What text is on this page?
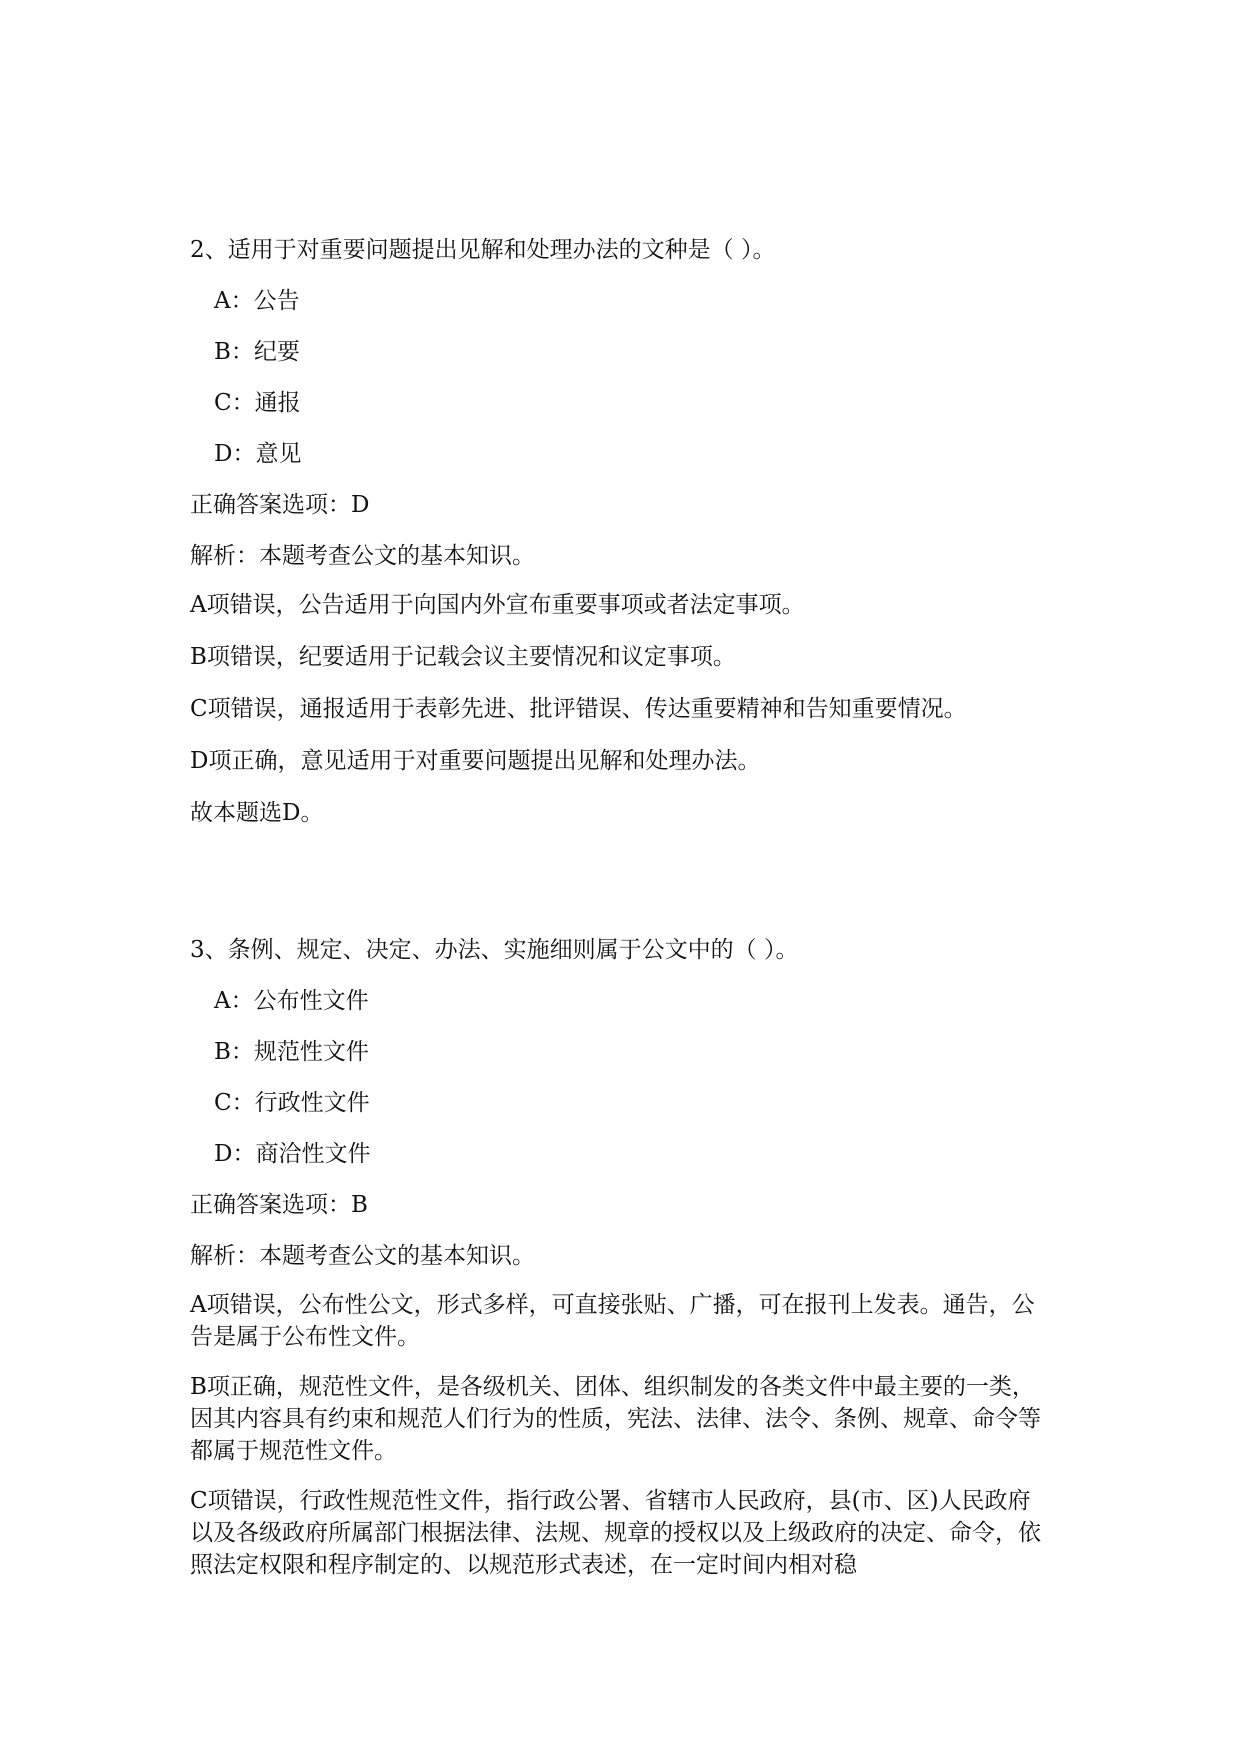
2、适用于对重要问题提出见解和处理办法的文种是（ ）。
A：公告
B：纪要
C：通报
D：意见
正确答案选项：D
解析：本题考查公文的基本知识。
A项错误，公告适用于向国内外宣布重要事项或者法定事项。
B项错误，纪要适用于记载会议主要情况和议定事项。
C项错误，通报适用于表彰先进、批评错误、传达重要精神和告知重要情况。
D项正确，意见适用于对重要问题提出见解和处理办法。
故本题选D。
3、条例、规定、决定、办法、实施细则属于公文中的（ ）。
A：公布性文件
B：规范性文件
C：行政性文件
D：商洽性文件
正确答案选项：B
解析：本题考查公文的基本知识。
A项错误，公布性公文，形式多样，可直接张贴、广播，可在报刊上发表。通告，公告是属于公布性文件。
B项正确，规范性文件，是各级机关、团体、组织制发的各类文件中最主要的一类，因其内容具有约束和规范人们行为的性质，宪法、法律、法令、条例、规章、命令等都属于规范性文件。
C项错误，行政性规范性文件，指行政公署、省辖市人民政府，县(市、区)人民政府以及各级政府所属部门根据法律、法规、规章的授权以及上级政府的决定、命令，依照法定权限和程序制定的、以规范形式表述，在一定时间内相对稳
